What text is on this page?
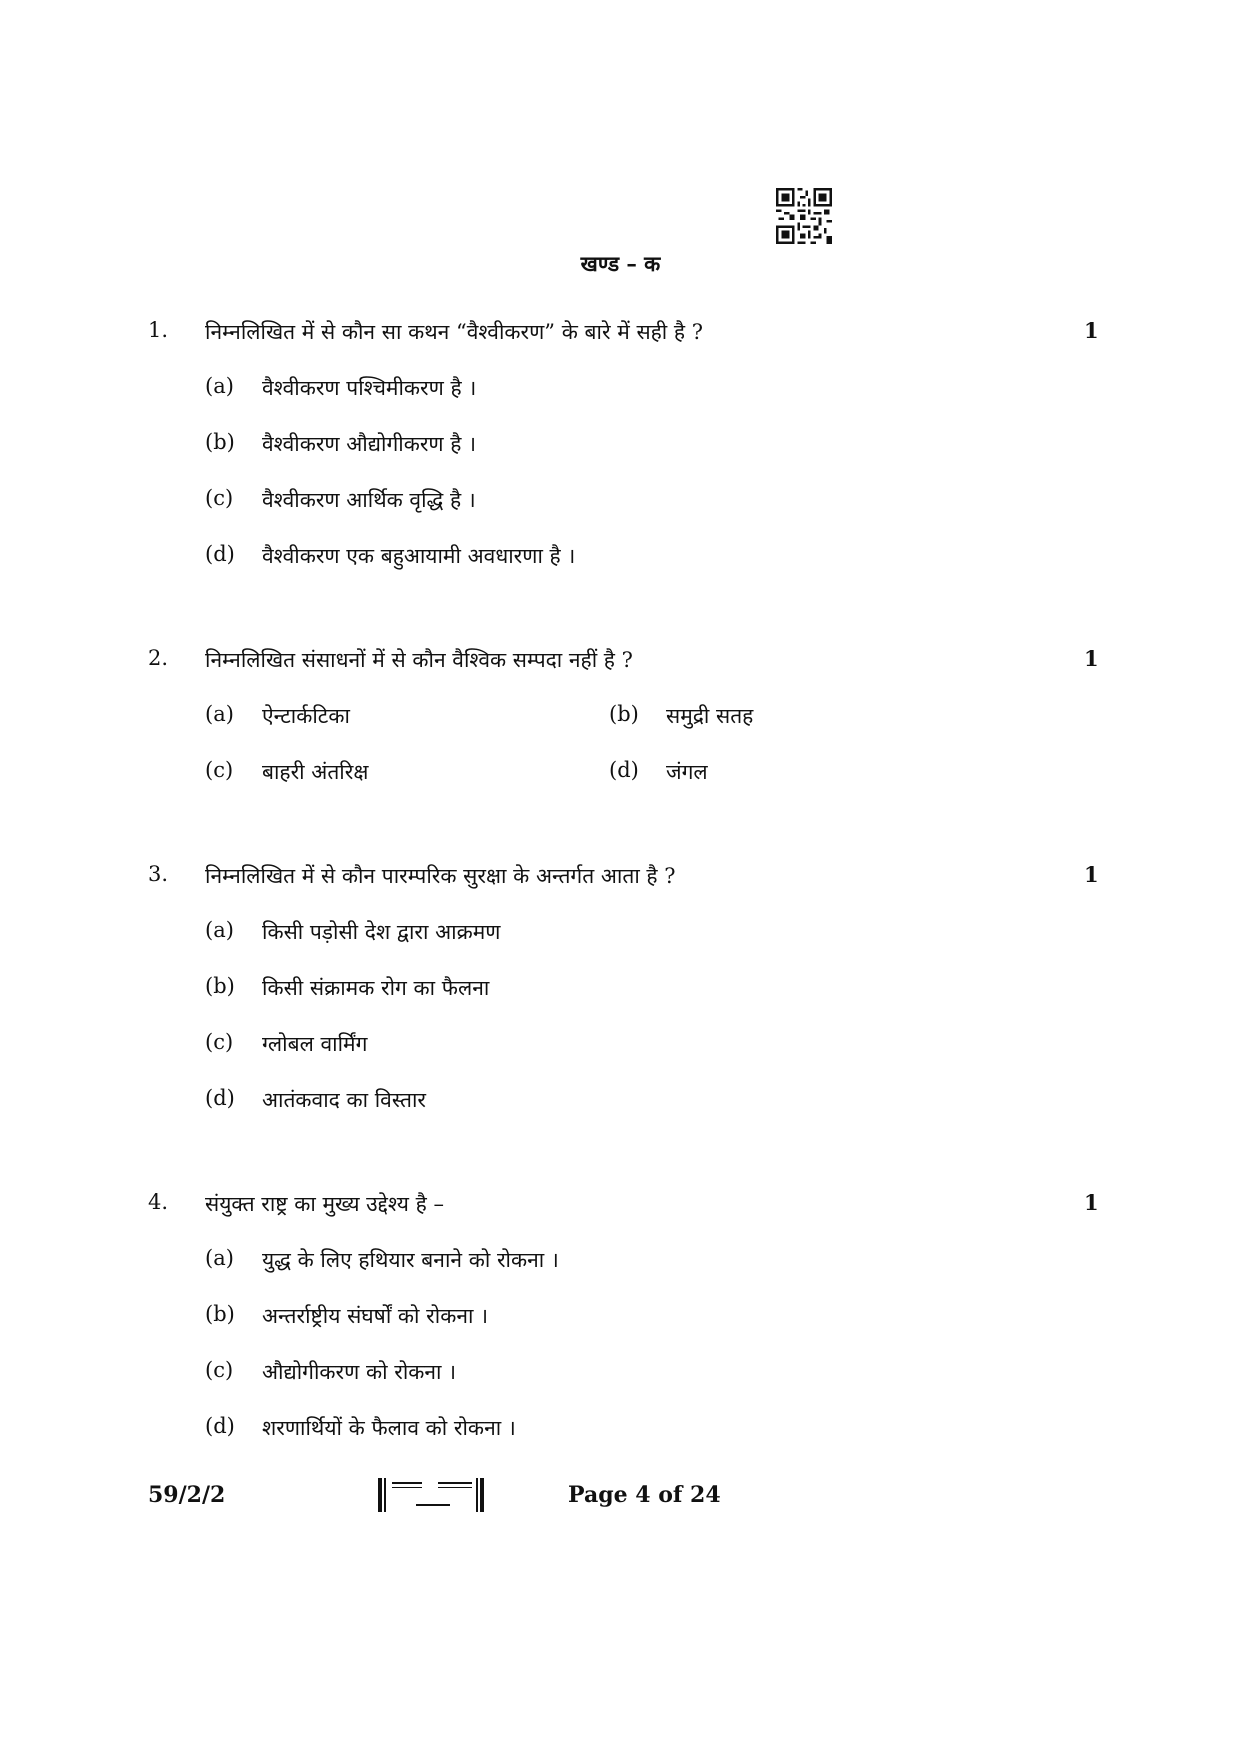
खण्ड – क
1. निम्नलिखित में से कौन सा कथन “वैश्वीकरण” के बारे में सही है ?	1
(a) वैश्वीकरण पश्चिमीकरण है ।
(b) वैश्वीकरण औद्योगीकरण है ।
(c) वैश्वीकरण आर्थिक वृद्धि है ।
(d) वैश्वीकरण एक बहुआयामी अवधारणा है ।
2. निम्नलिखित संसाधनों में से कौन वैश्विक सम्पदा नहीं है ?	1
(a) ऐन्टार्कटिका	(b) समुद्री सतह
(c) बाहरी अंतरिक्ष	(d) जंगल
3. निम्नलिखित में से कौन पारम्परिक सुरक्षा के अन्तर्गत आता है ?	1
(a) किसी पड़ोसी देश द्वारा आक्रमण
(b) किसी संक्रामक रोग का फैलना
(c) ग्लोबल वार्मिंग
(d) आतंकवाद का विस्तार
4. संयुक्त राष्ट्र का मुख्य उद्देश्य है –	1
(a) युद्ध के लिए हथियार बनाने को रोकना ।
(b) अन्तर्राष्ट्रीय संघर्षों को रोकना ।
(c) औद्योगीकरण को रोकना ।
(d) शरणार्थियों के फैलाव को रोकना ।
59/2/2	Page 4 of 24
